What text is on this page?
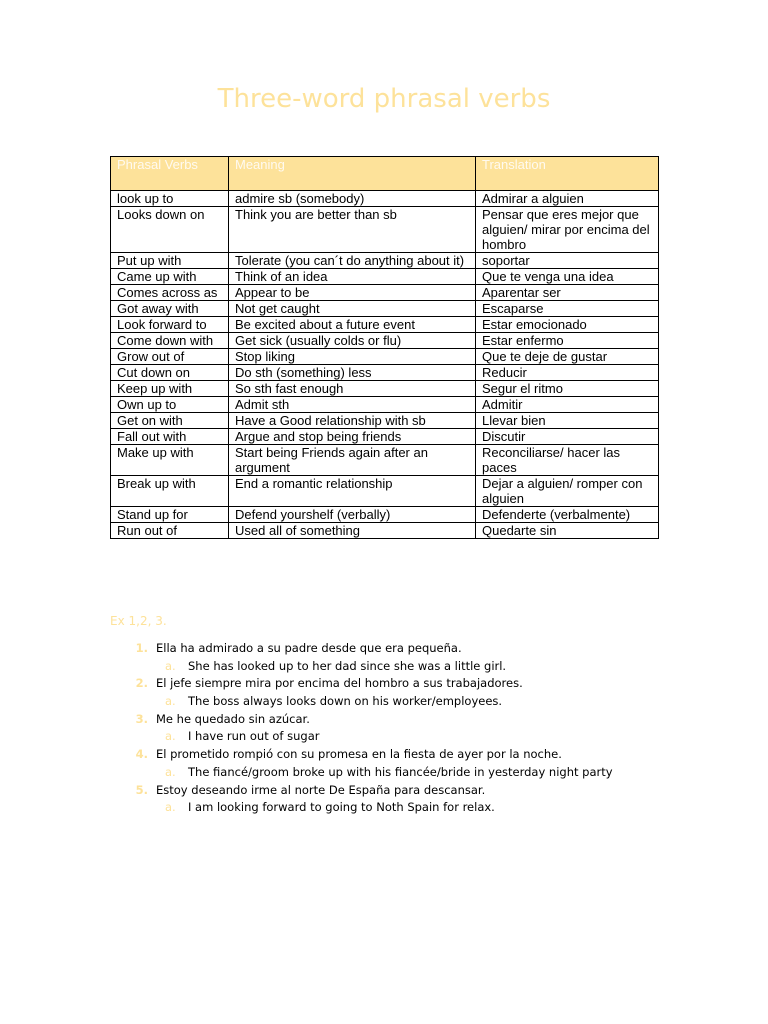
Three-word phrasal verbs
Phrasal Verbs	Meaning	Translation
look up to	admire sb (somebody)	Admirar a alguien
Looks down on	Think you are better than sb	Pensar que eres mejor que alguien/ mirar por encima del hombro
Put up with	Tolerate (you can´t do anything about it)	soportar
Came up with	Think of an idea	Que te venga una idea
Comes across as	Appear to be	Aparentar ser
Got away with	Not get caught	Escaparse
Look forward to	Be excited about a future event	Estar emocionado
Come down with	Get sick (usually colds or flu)	Estar enfermo
Grow out of	Stop liking	Que te deje de gustar
Cut down on	Do sth (something) less	Reducir
Keep up with	So sth fast enough	Segur el ritmo
Own up to	Admit sth	Admitir
Get on with	Have a Good relationship with sb	Llevar bien
Fall out with	Argue and stop being friends	Discutir
Make up with	Start being Friends again after an argument	Reconciliarse/ hacer las paces
Break up with	End a romantic relationship	Dejar a alguien/ romper con alguien
Stand up for	Defend yourshelf (verbally)	Defenderte (verbalmente)
Run out of	Used all of something	Quedarte sin
Ex 1,2, 3.
1. Ella ha admirado a su padre desde que era pequeña.
a. She has looked up to her dad since she was a little girl.
2. El jefe siempre mira por encima del hombro a sus trabajadores.
a. The boss always looks down on his worker/employees.
3. Me he quedado sin azúcar.
a. I have run out of sugar
4. El prometido rompió con su promesa en la fiesta de ayer por la noche.
a. The fiancé/groom broke up with his fiancée/bride in yesterday night party
5. Estoy deseando irme al norte De España para descansar.
a. I am looking forward to going to Noth Spain for relax.
